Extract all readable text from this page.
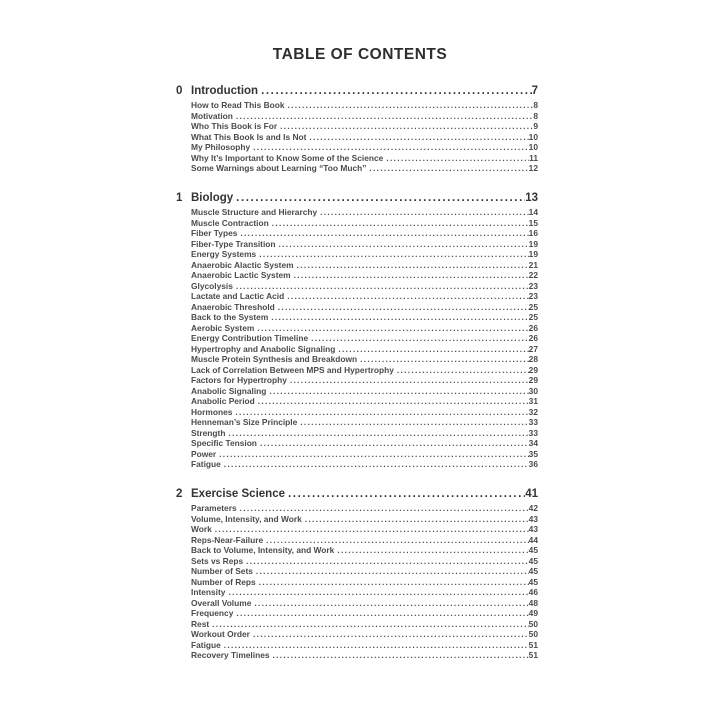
TABLE OF CONTENTS
0 Introduction .....	7
How to Read This Book .....	8
Motivation .....	8
Who This Book is For .....	9
What This Book Is and Is Not .....	10
My Philosophy .....	10
Why It’s Important to Know Some of the Science .....	11
Some Warnings about Learning “Too Much” .....	12
1 Biology .....	13
Muscle Structure and Hierarchy .....	14
Muscle Contraction .....	15
Fiber Types .....	16
Fiber-Type Transition .....	19
Energy Systems .....	19
Anaerobic Alactic System .....	21
Anaerobic Lactic System .....	22
Glycolysis .....	23
Lactate and Lactic Acid .....	23
Anaerobic Threshold .....	25
Back to the System .....	25
Aerobic System .....	26
Energy Contribution Timeline .....	26
Hypertrophy and Anabolic Signaling .....	27
Muscle Protein Synthesis and Breakdown .....	28
Lack of Correlation Between MPS and Hypertrophy .....	29
Factors for Hypertrophy .....	29
Anabolic Signaling .....	30
Anabolic Period .....	31
Hormones .....	32
Henneman’s Size Principle .....	33
Strength .....	33
Specific Tension .....	34
Power .....	35
Fatigue .....	36
2 Exercise Science .....	41
Parameters .....	42
Volume, Intensity, and Work .....	43
Work .....	43
Reps-Near-Failure .....	44
Back to Volume, Intensity, and Work .....	45
Sets vs Reps .....	45
Number of Sets .....	45
Number of Reps .....	45
Intensity .....	46
Overall Volume .....	48
Frequency .....	49
Rest .....	50
Workout Order .....	50
Fatigue .....	51
Recovery Timelines .....	51
